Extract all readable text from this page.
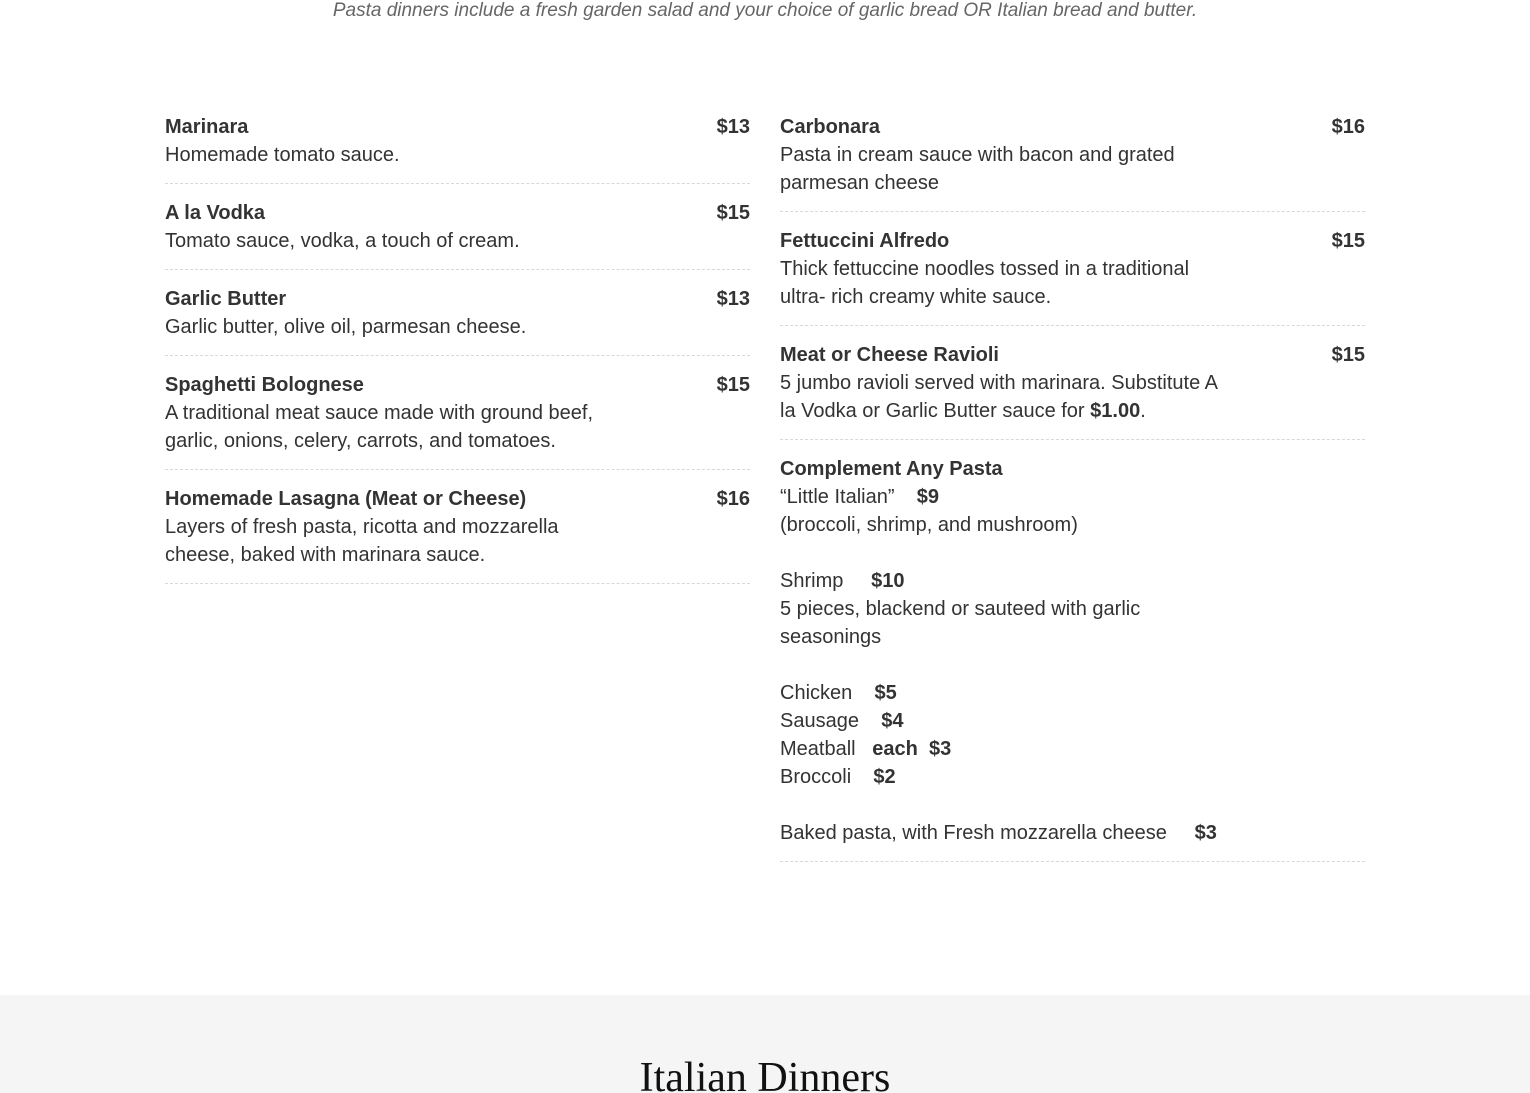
Pasta dinners include a fresh garden salad and your choice of garlic bread OR Italian bread and butter.
Marinara	$13
Homemade tomato sauce.
A la Vodka	$15
Tomato sauce, vodka, a touch of cream.
Garlic Butter	$13
Garlic butter, olive oil, parmesan cheese.
Spaghetti Bolognese	$15
A traditional meat sauce made with ground beef, garlic, onions, celery, carrots, and tomatoes.
Homemade Lasagna (Meat or Cheese)	$16
Layers of fresh pasta, ricotta and mozzarella cheese, baked with marinara sauce.
Carbonara	$16
Pasta in cream sauce with bacon and grated parmesan cheese
Fettuccini Alfredo	$15
Thick fettuccine noodles tossed in a traditional ultra- rich creamy white sauce.
Meat or Cheese Ravioli	$15
5 jumbo ravioli served with marinara. Substitute A la Vodka or Garlic Butter sauce for $1.00.
Complement Any Pasta
“Little Italian” $9
(broccoli, shrimp, and mushroom)
Shrimp $10
5 pieces, blackend or sauteed with garlic seasonings
Chicken $5
Sausage $4
Meatball each $3
Broccoli $2
Baked pasta, with Fresh mozzarella cheese $3
Italian Dinners
